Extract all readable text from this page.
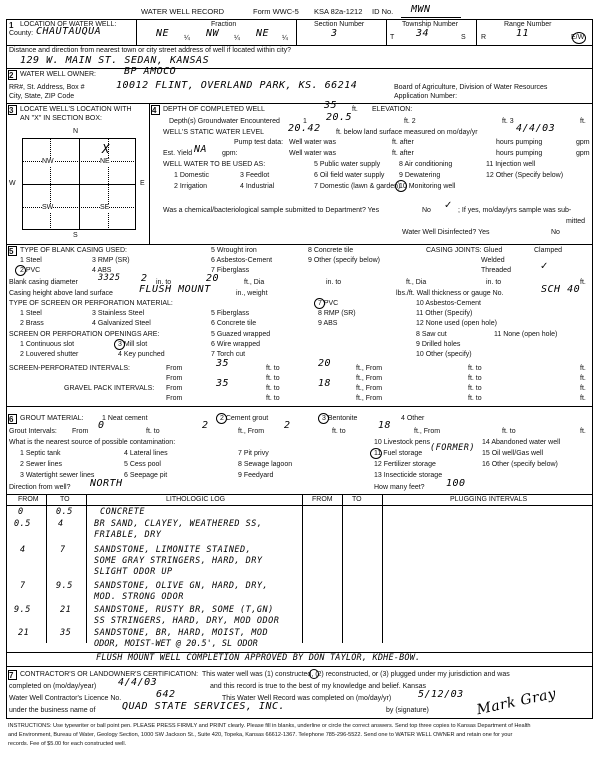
WATER WELL RECORD	Form WWC-5 KSA 82a-1212 ID No. MWN
1 LOCATION OF WATER WELL:
County: CHAUTAUQUA
Fraction
NE ¼ NW ¼ NE ¼
Section Number
3
Township Number
T 34	S
Range Number
R	11	E/W
Distance and direction from nearest town or city street address of well if located within city?
129 W. MAIN ST. SEDAN, KANSAS
2 WATER WELL OWNER:	BP AMOCO
RR#, St. Address, Box #	10012 FLINT, OVERLAND PARK, KS. 66214
City, State, ZIP Code
Board of Agriculture, Division of Water Resources
Application Number:
3 LOCATE WELL'S LOCATION WITH
AN "X" IN SECTION BOX:
N
S
W	E
NW	NE
SW	SE
X
4 DEPTH OF COMPLETED WELL	35 ft. ELEVATION:
Depth(s) Groundwater Encountered	1 20.5	ft. 2	ft. 3	ft.
WELL'S STATIC WATER LEVEL 20.42 ft. below land surface measured on mo/day/yr	4/4/03
Pump test data: Well water was	ft. after	hours pumping	gpm
Est. Yield NA gpm:	Well water was	ft. after	hours pumping	gpm
WELL WATER TO BE USED AS:
1 Domestic	3 Feedlot
5 Public water supply	8 Air conditioning	11 Injection well
2 Irrigation	4 Industrial	7 Domestic (lawn & garden)
10 Monitoring well
12 Other (Specify below)
6 Oil field water supply 9 Dewatering
Was a chemical/bacteriological sample submitted to Department? Yes	No ✓ ; If yes, mo/day/yrs sample was sub-
mitted
Water Well Disinfected? Yes	No
5 TYPE OF BLANK CASING USED:
1 Steel	3 RMP (SR)
5 Wrought iron	8 Concrete tile
2 PVC	4 ABS
6 Asbestos-Cement	9 Other (specify below)
7 Fiberglass
3325
CASING JOINTS: Glued	Clamped
Welded
Threaded	✓
Blank casing diameter	2 in. to	20	ft., Dia	in. to	ft., Dia	in. to	ft.
Casing height above land surface	FLUSH MOUNT	in., weight	lbs./ft. Wall thickness or gauge No.	SCH 40
TYPE OF SCREEN OR PERFORATION MATERIAL:
1 Steel	3 Stainless Steel	5 Fiberglass
7 PVC	10 Asbestos-Cement
2 Brass	4 Galvanized Steel	6 Concrete tile
8 RMP (SR)	11 Other (Specify)
9 ABS	12 None used (open hole)
SCREEN OR PERFORATION OPENINGS ARE:	5 Guazed wrapped	8 Saw cut	11 None (open hole)
1 Continuous slot	3 Mill slot	6 Wire wrapped	9 Drilled holes
2 Louvered shutter	4 Key punched	7 Torch cut	10 Other (specify)
SCREEN-PERFORATED INTERVALS:	From	35	ft. to	20	ft., From	ft. to	ft.
From	ft. to	ft., From	ft. to	ft.
GRAVEL PACK INTERVALS: From	35	ft. to	18	ft., From	ft. to	ft.
From	ft. to	ft., From	ft. to	ft.
6 GROUT MATERIAL:	1 Neat cement	2 Cement grout	3 Bentonite	4 Other
Grout Intervals: From
0
ft. to
2
ft., From
2
ft. to
18
ft., From	ft. to	ft.
What is the nearest source of possible contamination:	10 Livestock pens	14 Abandoned water well
1 Septic tank	4 Lateral lines	7 Pit privy	11 Fuel storage
(FORMER)
15 Oil well/Gas well
2 Sewer lines	5 Cess pool	8 Sewage lagoon	12 Fertilizer storage	16 Other (specify below)
3 Watertight sewer lines	6 Seepage pit	9 Feedyard	13 Insecticide storage
Direction from well? NORTH	How many feet? 100
FROM	TO	LITHOLOGIC LOG	FROM	TO	PLUGGING INTERVALS
0	0.5	CONCRETE
0.5	4	BR SAND, CLAYEY, WEATHERED SS,
FRIABLE, DRY
4	7	SANDSTONE, LIMONITE STAINED,
SOME GRAY STRINGERS, HARD, DRY
SLIGHT ODOR UP
7	9.5 SANDSTONE, OLIVE GN, HARD, DRY,
MOD. STRONG ODOR
9.5	21	SANDSTONE, RUSTY BR, SOME (T,GN)
SS STRINGERS, HARD, DRY, MOD ODOR
21	35	SANDSTONE, BR, HARD, MOIST, MOD
ODOR, MOIST-WET @ 20.5', SL ODOR
FLUSH MOUNT WELL COMPLETION APPROVED BY DON TAYLOR, KDHE-BOW.
7 CONTRACTOR'S OR LANDOWNER'S CERTIFICATION: This water well was (1) constructed, (2) reconstructed, or (3) plugged under my jurisdiction and was
completed on (mo/day/year) 4/4/03	and this record is true to the best of my knowledge and belief. Kansas
Water Well Contractor's Licence No.	642	This Water Well Record was completed on (mo/day/yr)	5/12/03
under the business name of	QUAD STATE SERVICES, INC.	by (signature)	Mark Gray
INSTRUCTIONS: Use typewriter or ball point pen. PLEASE PRESS FIRMLY and PRINT clearly. Please fill in blanks, underline or circle the correct answers. Send top three copies to Kansas Department of Health
and Environment, Bureau of Water, Geology Section, 1000 SW Jackson St., Suite 420, Topeka, Kansas 66612-1367. Telephone 785-296-5522. Send one to WATER WELL OWNER and retain one for your
records. Fee of $5.00 for each constructed well.
